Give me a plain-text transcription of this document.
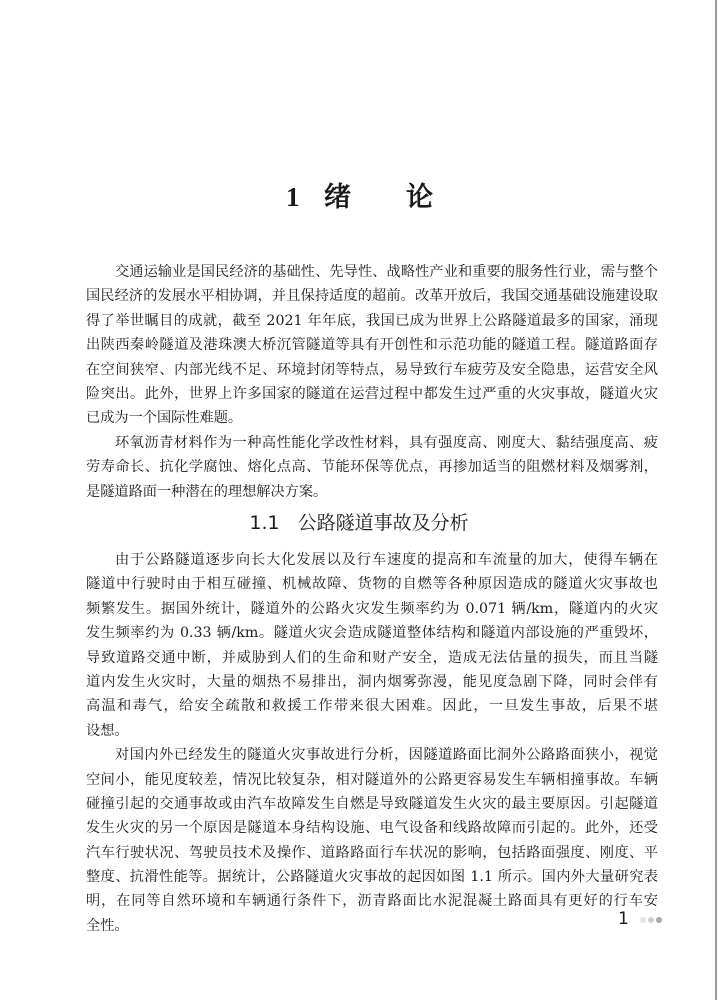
1 绪 论
交通运输业是国民经济的基础性、先导性、战略性产业和重要的服务性行业，需与整个
国民经济的发展水平相协调，并且保持适度的超前。改革开放后，我国交通基础设施建设取
得了举世瞩目的成就，截至 2021 年年底，我国已成为世界上公路隧道最多的国家，涌现
出陕西秦岭隧道及港珠澳大桥沉管隧道等具有开创性和示范功能的隧道工程。隧道路面存
在空间狭窄、内部光线不足、环境封闭等特点，易导致行车疲劳及安全隐患，运营安全风
险突出。此外，世界上许多国家的隧道在运营过程中都发生过严重的火灾事故，隧道火灾
已成为一个国际性难题。
环氧沥青材料作为一种高性能化学改性材料，具有强度高、刚度大、黏结强度高、疲
劳寿命长、抗化学腐蚀、熔化点高、节能环保等优点，再掺加适当的阻燃材料及烟雾剂，
是隧道路面一种潜在的理想解决方案。
1.1 公路隧道事故及分析
由于公路隧道逐步向长大化发展以及行车速度的提高和车流量的加大，使得车辆在
隧道中行驶时由于相互碰撞、机械故障、货物的自燃等各种原因造成的隧道火灾事故也
频繁发生。据国外统计，隧道外的公路火灾发生频率约为 0.071 辆/km，隧道内的火灾
发生频率约为 0.33 辆/km。隧道火灾会造成隧道整体结构和隧道内部设施的严重毁坏，
导致道路交通中断，并威胁到人们的生命和财产安全，造成无法估量的损失，而且当隧
道内发生火灾时，大量的烟热不易排出，洞内烟雾弥漫，能见度急剧下降，同时会伴有
高温和毒气，给安全疏散和救援工作带来很大困难。因此，一旦发生事故，后果不堪
设想。
对国内外已经发生的隧道火灾事故进行分析，因隧道路面比洞外公路路面狭小，视觉
空间小，能见度较差，情况比较复杂，相对隧道外的公路更容易发生车辆相撞事故。车辆
碰撞引起的交通事故或由汽车故障发生自燃是导致隧道发生火灾的最主要原因。引起隧道
发生火灾的另一个原因是隧道本身结构设施、电气设备和线路故障而引起的。此外，还受
汽车行驶状况、驾驶员技术及操作、道路路面行车状况的影响，包括路面强度、刚度、平
整度、抗滑性能等。据统计，公路隧道火灾事故的起因如图 1.1 所示。国内外大量研究表
明，在同等自然环境和车辆通行条件下，沥青路面比水泥混凝土路面具有更好的行车安
全性。	1
